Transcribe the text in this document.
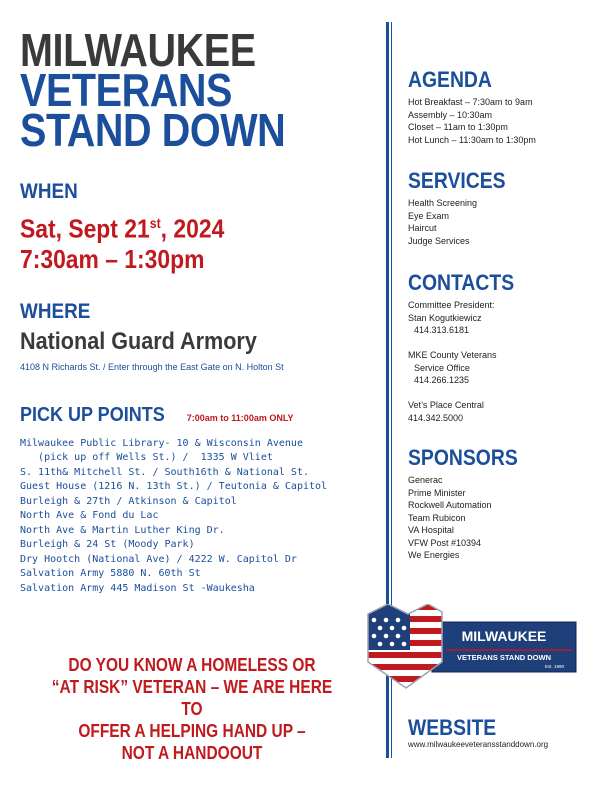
MILWAUKEE
VETERANS
STAND DOWN
WHEN
Sat, Sept 21st, 2024
7:30am – 1:30pm
WHERE
National Guard Armory
4108 N Richards St. / Enter through the East Gate on N. Holton St
PICK UP POINTS 7:00am to 11:00am ONLY
Milwaukee Public Library- 10 & Wisconsin Avenue
(pick up off Wells St.) /  1335 W Vliet
S. 11th& Mitchell St. / South16th & National St.
Guest House (1216 N. 13th St.) / Teutonia & Capitol
Burleigh & 27th / Atkinson & Capitol
North Ave & Fond du Lac
North Ave & Martin Luther King Dr.
Burleigh & 24 St (Moody Park)
Dry Hootch (National Ave) / 4222 W. Capitol Dr
Salvation Army 5880 N. 60th St
Salvation Army 445 Madison St -Waukesha
DO YOU KNOW A HOMELESS OR
“AT RISK” VETERAN – WE ARE HERE TO
OFFER A HELPING HAND UP –
NOT A HANDOOUT
AGENDA
Hot Breakfast – 7:30am to 9am
Assembly – 10:30am
Closet – 11am to 1:30pm
Hot Lunch – 11:30am to 1:30pm
SERVICES
Health Screening
Eye Exam
Haircut
Judge Services
CONTACTS
Committee President:
Stan Kogutkiewicz
414.313.6181
MKE County Veterans
Service Office
414.266.1235
Vet’s Place Central
414.342.5000
SPONSORS
Generac
Prime Minister
Rockwell Automation
Team Rubicon
VA Hospital
VFW Post #10394
We Energies
MILWAUKEE
VETERANS STAND DOWN
Est. 1990
WEBSITE
www.milwaukeeveteransstanddown.org
